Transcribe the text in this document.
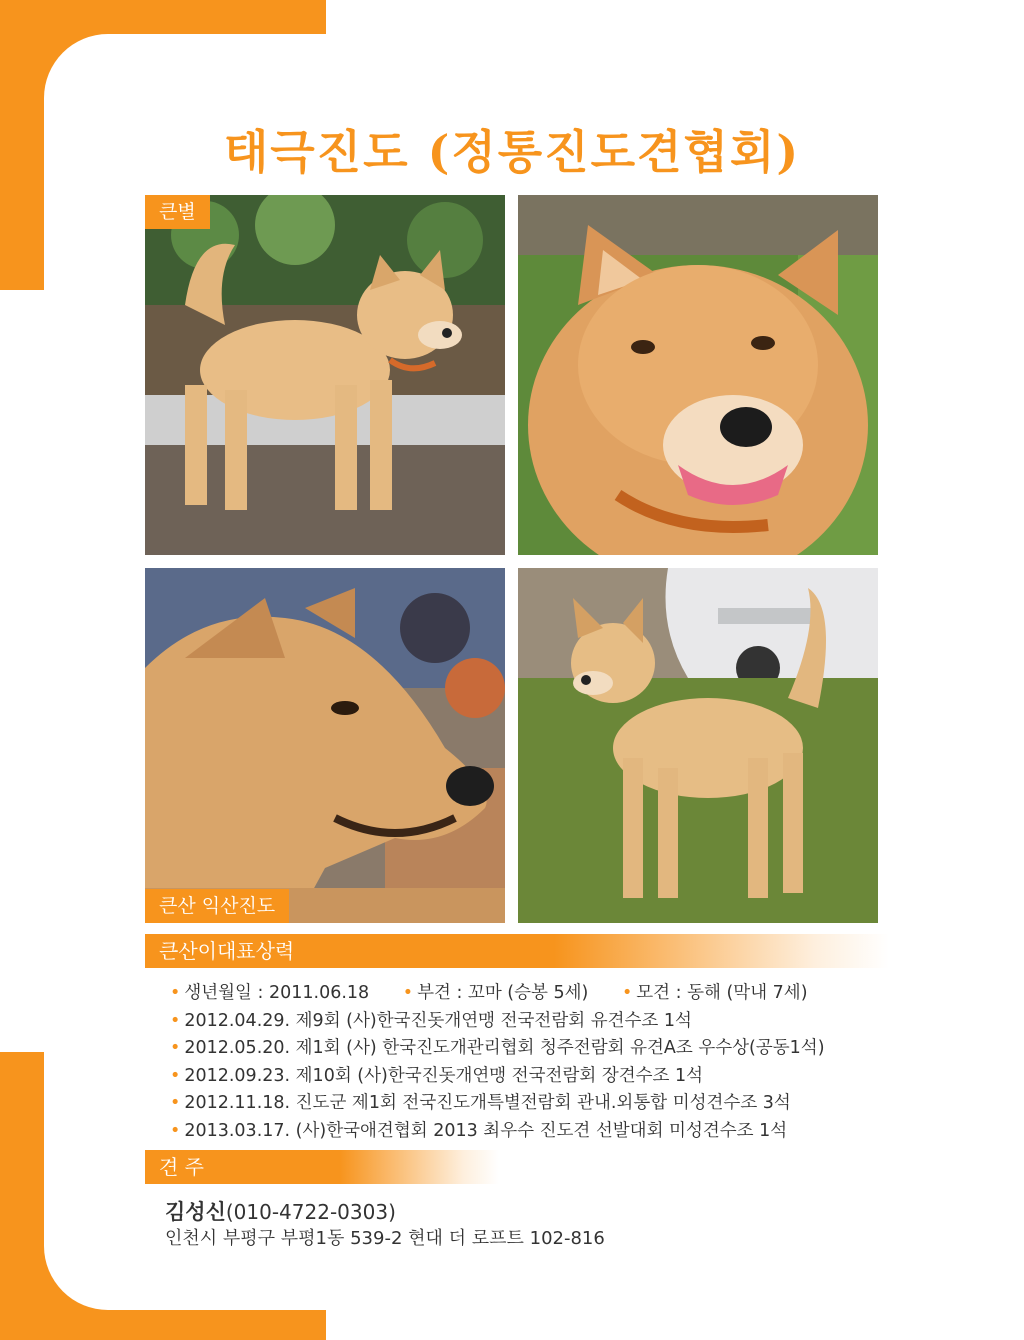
태극진도 (정통진도견협회)
큰별
큰산 익산진도
큰산이대표상력
• 생년월일 : 2011.06.18 • 부견 : 꼬마 (승봉 5세) • 모견 : 동해 (막내 7세)
• 2012.04.29. 제9회 (사)한국진돗개연맹 전국전람회 유견수조 1석
• 2012.05.20. 제1회 (사) 한국진도개관리협회 청주전람회 유견A조 우수상(공동1석)
• 2012.09.23. 제10회 (사)한국진돗개연맹 전국전람회 장견수조 1석
• 2012.11.18. 진도군 제1회 전국진도개특별전람회 관내.외통합 미성견수조 3석
• 2013.03.17. (사)한국애견협회 2013 최우수 진도견 선발대회 미성견수조 1석
견 주
김성신(010-4722-0303)
인천시 부평구 부평1동 539-2 현대 더 로프트 102-816
